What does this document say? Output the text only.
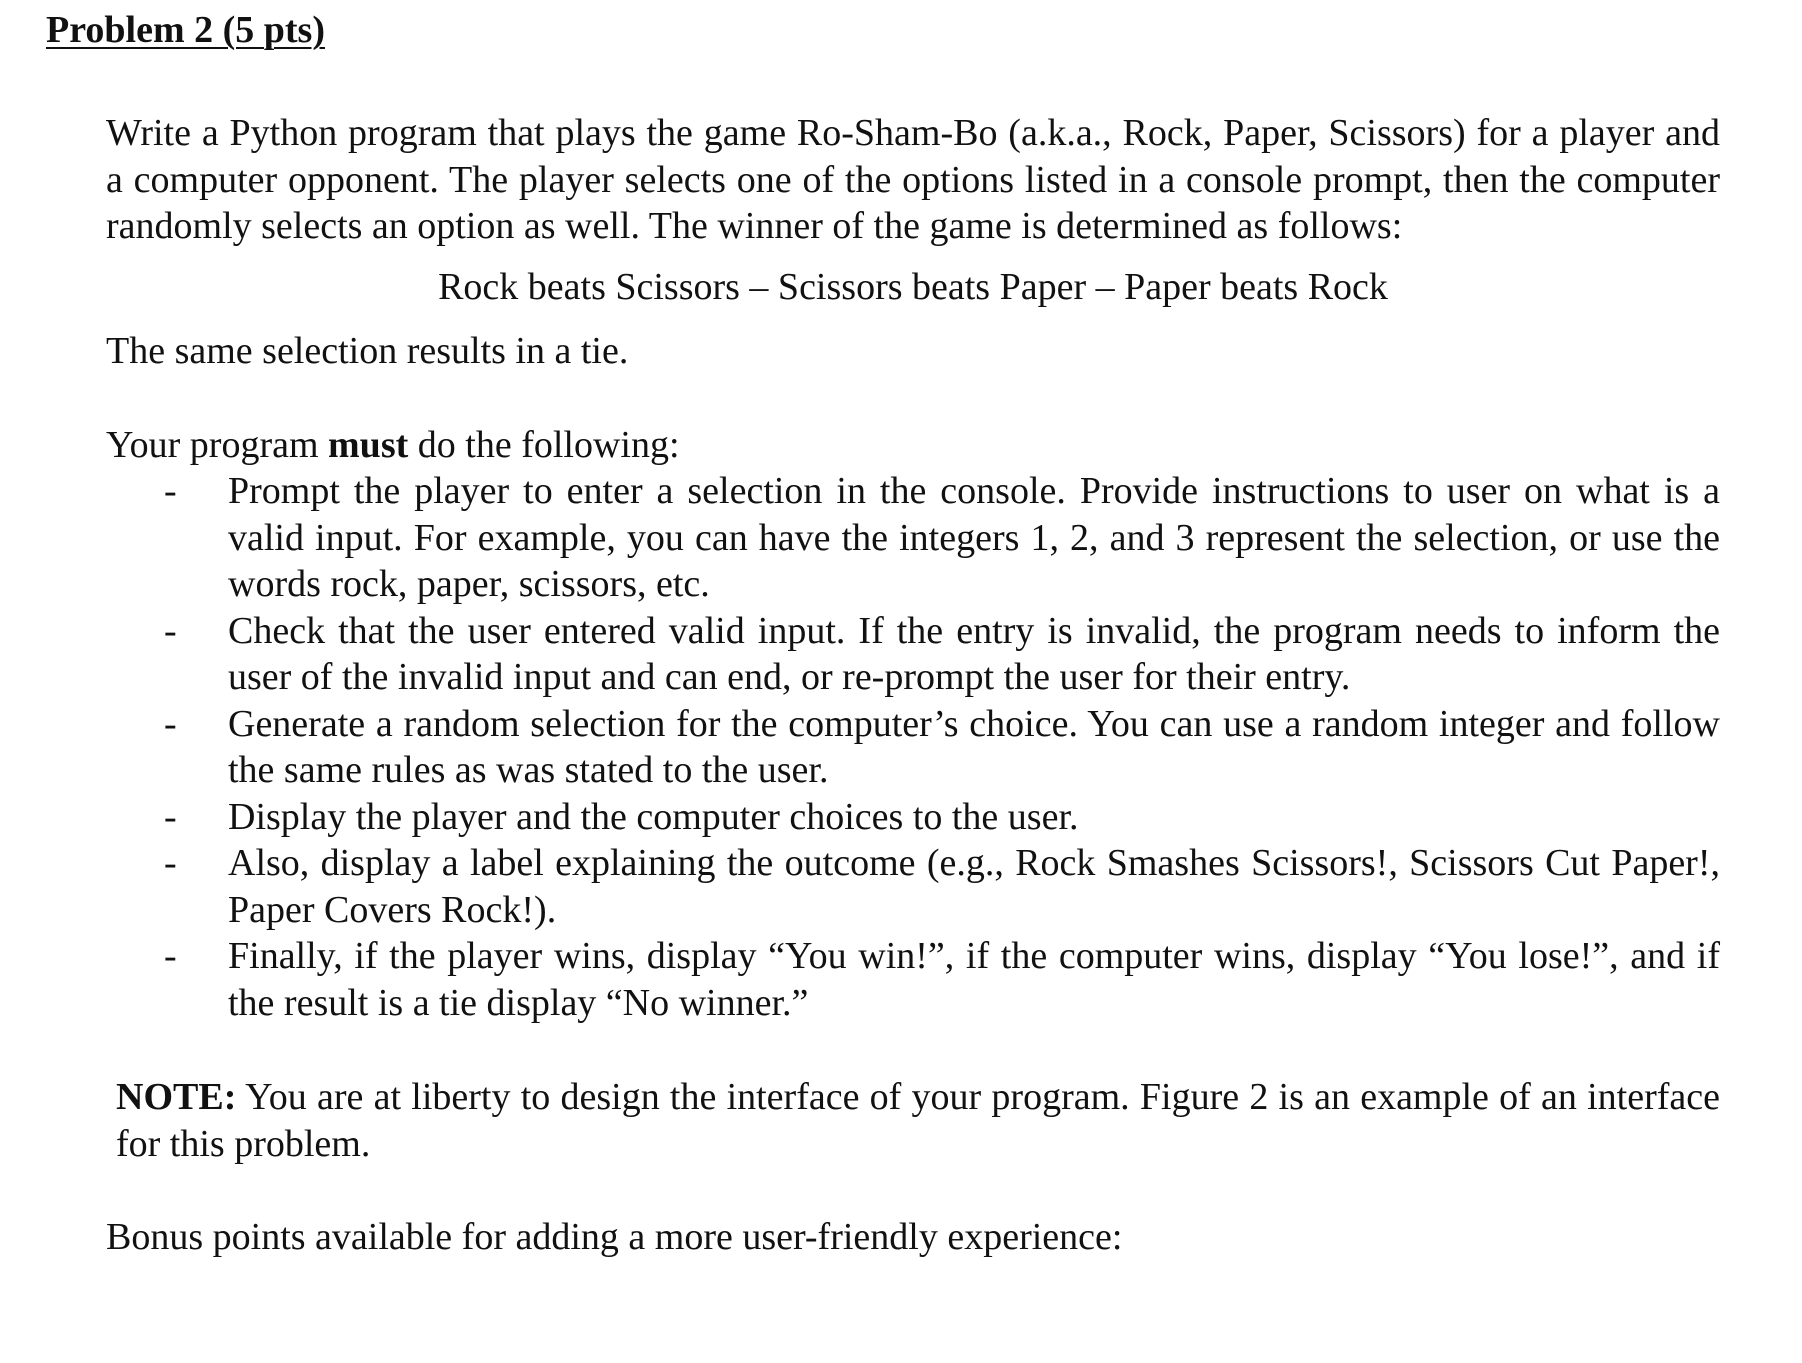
Problem 2 (5 pts)
Write a Python program that plays the game Ro-Sham-Bo (a.k.a., Rock, Paper, Scissors) for a player and a computer opponent. The player selects one of the options listed in a console prompt, then the computer randomly selects an option as well. The winner of the game is determined as follows:
Rock beats Scissors – Scissors beats Paper – Paper beats Rock
The same selection results in a tie.
Your program must do the following:
- Prompt the player to enter a selection in the console. Provide instructions to user on what is a valid input. For example, you can have the integers 1, 2, and 3 represent the selection, or use the words rock, paper, scissors, etc.
- Check that the user entered valid input. If the entry is invalid, the program needs to inform the user of the invalid input and can end, or re-prompt the user for their entry.
- Generate a random selection for the computer’s choice. You can use a random integer and follow the same rules as was stated to the user.
- Display the player and the computer choices to the user.
- Also, display a label explaining the outcome (e.g., Rock Smashes Scissors!, Scissors Cut Paper!, Paper Covers Rock!).
- Finally, if the player wins, display “You win!”, if the computer wins, display “You lose!”, and if the result is a tie display “No winner.”
NOTE: You are at liberty to design the interface of your program. Figure 2 is an example of an interface for this problem.
Bonus points available for adding a more user-friendly experience:
